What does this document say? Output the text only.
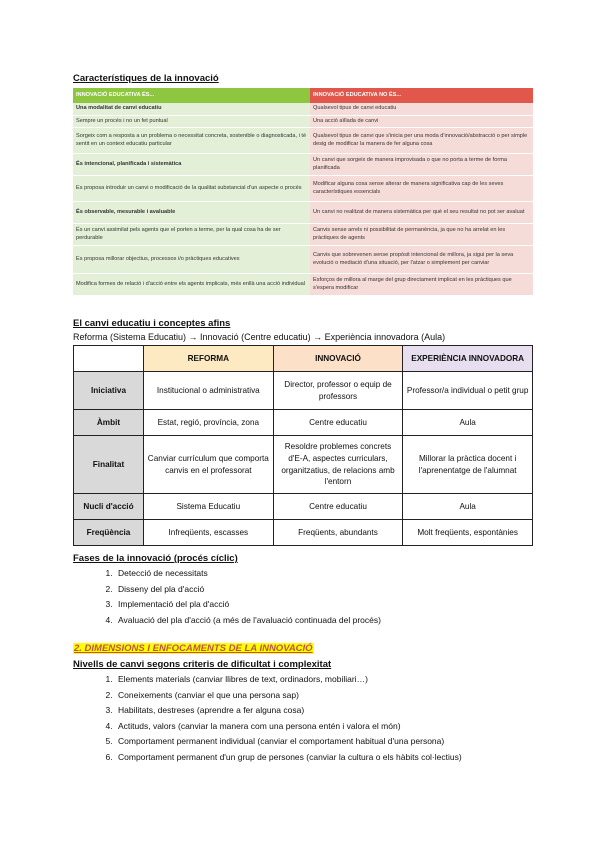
Característiques de la innovació

INNOVACIÓ EDUCATIVA ÉS...	INNOVACIÓ EDUCATIVA NO ÉS...
Una modalitat de canvi educatiu	Qualsevol tipus de canvi educatiu
Sempre un procés i no un fet puntual	Una acció aïllada de canvi
Sorgeix com a resposta a un problema o necessitat concreta, sostenible o diagnosticada, i té sentit en un context educatiu particular	Qualsevol tipus de canvi que s'inicia per una moda d'innovació/abstracció o per simple desig de modificar la manera de fer alguna cosa
És intencional, planificada i sistemàtica	Un canvi que sorgeix de manera improvisada o que no porta a terme de forma planificada
Es proposa introduir un canvi o modificació de la qualitat substancial d'un aspecte o procés	Modificar alguna cosa sense alterar de manera significativa cap de les seves característiques essencials
És observable, mesurable i avaluable	Un canvi no realitzat de manera sistemàtica per què el seu resultat no pot ser avaluat
És un canvi assimilat pels agents que el porten a terme, per la qual cosa ha de ser perdurable	Canvis sense arrels ni possibilitat de permanència, ja que no ha arrelat en les pràctiques de agents
Es proposa millorar objectius, processos i/o pràctiques educatives	Canvis que sobrevenen sense propòsit intencional de millora, ja sigui per la seva evolució o mediació d'una situació, per l'atzar o simplement per canviar
Modifica formes de relació i d'acció entre els agents implicats, més enllà una acció individual	Esforços de millora al marge del grup directament implicat en les pràctiques que s'espera modificar

El canvi educatiu i conceptes afins

Reforma (Sistema Educatiu) → Innovació (Centre educatiu) → Experiència innovadora (Aula)

	REFORMA	INNOVACIÓ	EXPERIÈNCIA INNOVADORA
Iniciativa	Institucional o administrativa	Director, professor o equip de professors	Professor/a individual o petit grup
Àmbit	Estat, regió, província, zona	Centre educatiu	Aula
Finalitat	Canviar currículum que comporta canvis en el professorat	Resoldre problemes concrets d'E-A, aspectes curriculars, organitzatius, de relacions amb l'entorn	Millorar la pràctica docent i l'aprenentatge de l'alumnat
Nucli d'acció	Sistema Educatiu	Centre educatiu	Aula
Freqüència	Infreqüents, escasses	Freqüents, abundants	Molt freqüents, espontànies

Fases de la innovació (procés cíclic)

1. Detecció de necessitats
2. Disseny del pla d'acció
3. Implementació del pla d'acció
4. Avaluació del pla d'acció (a més de l'avaluació continuada del procés)

2. DIMENSIONS I ENFOCAMENTS DE LA INNOVACIÓ

Nivells de canvi segons criteris de dificultat i complexitat

1. Elements materials (canviar llibres de text, ordinadors, mobiliari…)
2. Coneixements (canviar el que una persona sap)
3. Habilitats, destreses (aprendre a fer alguna cosa)
4. Actituds, valors (canviar la manera com una persona entén i valora el món)
5. Comportament permanent individual (canviar el comportament habitual d'una persona)
6. Comportament permanent d'un grup de persones (canviar la cultura o els hàbits col·lectius)
